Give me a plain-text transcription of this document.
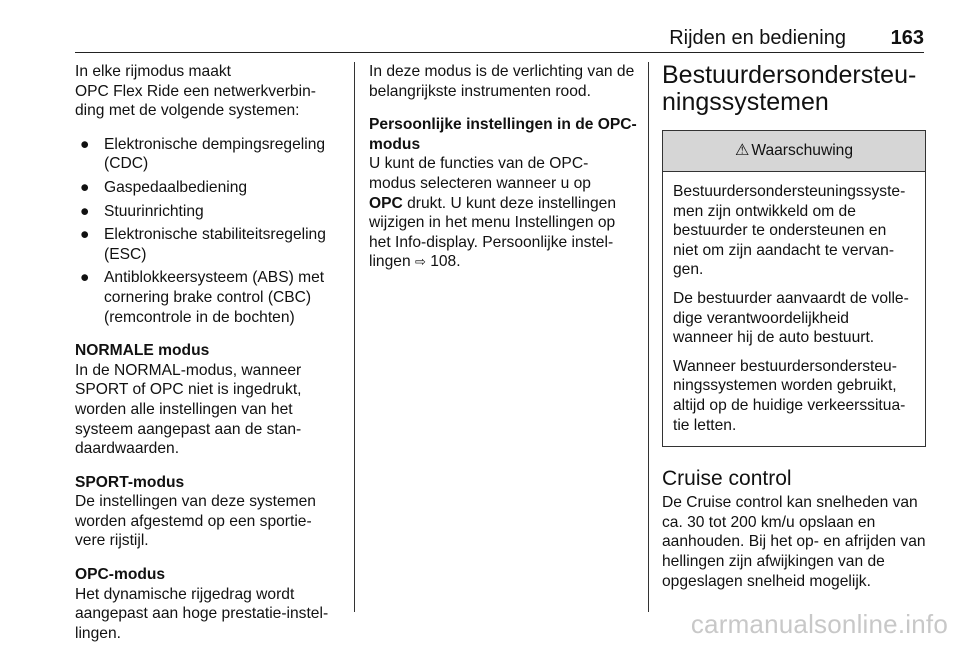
Rijden en bediening 163

In elke rijmodus maakt
OPC Flex Ride een netwerkverbin-
ding met de volgende systemen:

● Elektronische dempingsregeling
(CDC)
● Gaspedaalbediening
● Stuurinrichting
● Elektronische stabiliteitsregeling
(ESC)
● Antiblokkeersysteem (ABS) met
cornering brake control (CBC)
(remcontrole in de bochten)

NORMALE modus
In de NORMAL-modus, wanneer
SPORT of OPC niet is ingedrukt,
worden alle instellingen van het
systeem aangepast aan de stan-
daardwaarden.

SPORT-modus
De instellingen van deze systemen
worden afgestemd op een sportie-
vere rijstijl.

OPC-modus
Het dynamische rijgedrag wordt
aangepast aan hoge prestatie-instel-
lingen.

In deze modus is de verlichting van de
belangrijkste instrumenten rood.

Persoonlijke instellingen in de OPC-
modus
U kunt de functies van de OPC-
modus selecteren wanneer u op
OPC drukt. U kunt deze instellingen
wijzigen in het menu Instellingen op
het Info-display. Persoonlijke instel-
lingen ⇨ 108.

Bestuurdersondersteu-
ningssystemen
⚠ Waarschuwing

Bestuurdersondersteuningssyste-
men zijn ontwikkeld om de
bestuurder te ondersteunen en
niet om zijn aandacht te vervan-
gen.

De bestuurder aanvaardt de volle-
dige verantwoordelijkheid
wanneer hij de auto bestuurt.

Wanneer bestuurdersondersteu-
ningssystemen worden gebruikt,
altijd op de huidige verkeerssitua-
tie letten.

Cruise control

De Cruise control kan snelheden van
ca. 30 tot 200 km/u opslaan en
aanhouden. Bij het op- en afrijden van
hellingen zijn afwijkingen van de
opgeslagen snelheid mogelijk.

carmanualsonline.info
